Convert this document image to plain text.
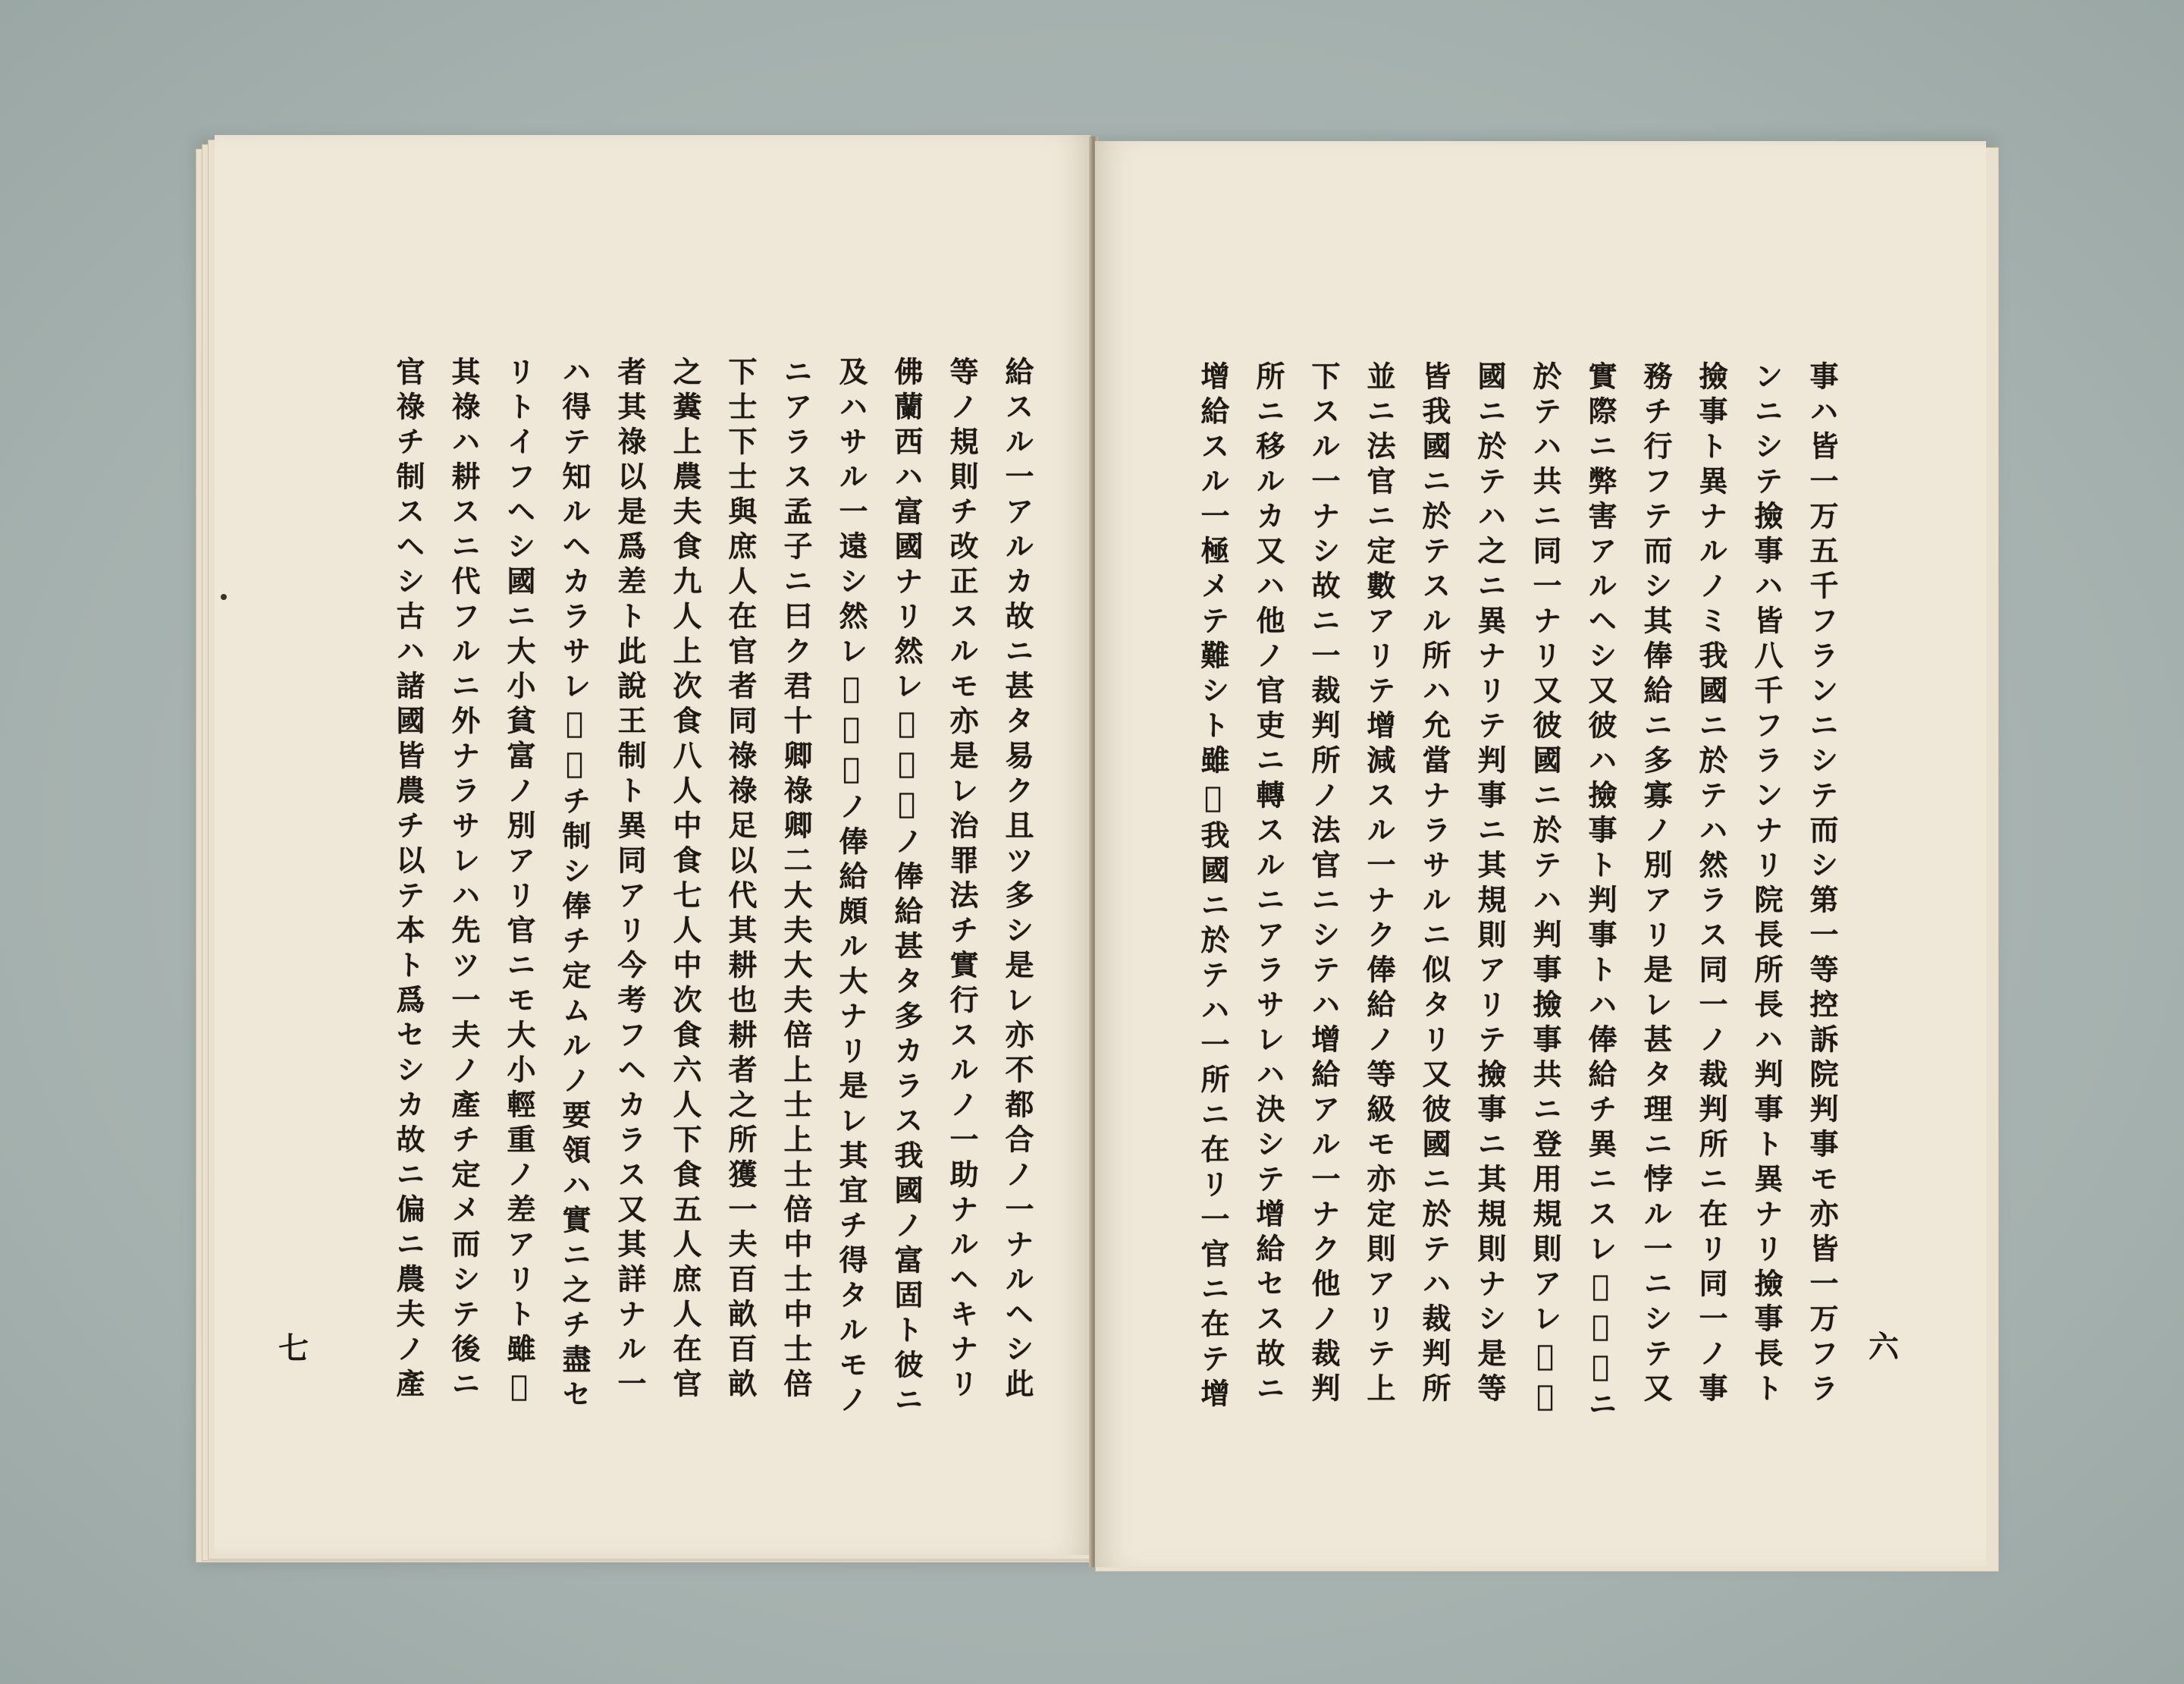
給スル一アルカ故ニ甚タ易ク且ツ多シ是レ亦不都合ノ一ナルヘシ此
等ノ規則チ改正スルモ亦是レ治罪法チ實行スルノ一助ナルヘキナリ
佛蘭西ハ富國ナリ然レ𪜈官吏ノ俸給甚タ多カラス我國ノ富固ト彼ニ
及ハサル一遠シ然レ𪜈官吏ノ俸給頗ル大ナリ是レ其宜チ得タルモノ
ニアラス孟子ニ曰ク君十卿祿卿二大夫大夫倍上士上士倍中士中士倍
下士下士與庶人在官者同祿祿足以代其耕也耕者之所獲一夫百畝百畝
之糞上農夫食九人上次食八人中食七人中次食六人下食五人庶人在官
者其祿以是爲差ト此說王制ト異同アリ今考フヘカラス又其詳ナル一
ハ得テ知ルヘカラサレ𪜈祿チ制シ俸チ定ムルノ要領ハ實ニ之チ盡セ
リトイフヘシ國ニ大小貧富ノ別アリ官ニモ大小輕重ノ差アリト雖𪜈
其祿ハ耕スニ代フルニ外ナラサレハ先ツ一夫ノ產チ定メ而シテ後ニ
官祿チ制スヘシ古ハ諸國皆農チ以テ本ト爲セシカ故ニ偏ニ農夫ノ產
七	事ハ皆一万五千フランニシテ而シ第一等控訴院判事モ亦皆一万フラ
ンニシテ撿事ハ皆八千フランナリ院長所長ハ判事ト異ナリ撿事長ト
撿事ト異ナルノミ我國ニ於テハ然ラス同一ノ裁判所ニ在リ同一ノ事
務チ行フテ而シ其俸給ニ多寡ノ別アリ是レ甚タ理ニ悖ル一ニシテ又
實際ニ弊害アルヘシ又彼ハ撿事ト判事トハ俸給チ異ニスレ𪜈我國ニ
於テハ共ニ同一ナリ又彼國ニ於テハ判事撿事共ニ登用規則アレ𪜈我
國ニ於テハ之ニ異ナリテ判事ニ其規則アリテ撿事ニ其規則ナシ是等
皆我國ニ於テスル所ハ允當ナラサルニ似タリ又彼國ニ於テハ裁判所
並ニ法官ニ定數アリテ增減スル一ナク俸給ノ等級モ亦定則アリテ上
下スル一ナシ故ニ一裁判所ノ法官ニシテハ增給アル一ナク他ノ裁判
所ニ移ルカ又ハ他ノ官吏ニ轉スルニアラサレハ決シテ增給セス故ニ
增給スル一極メテ難シト雖𪜈我國ニ於テハ一所ニ在リ一官ニ在テ增	六
